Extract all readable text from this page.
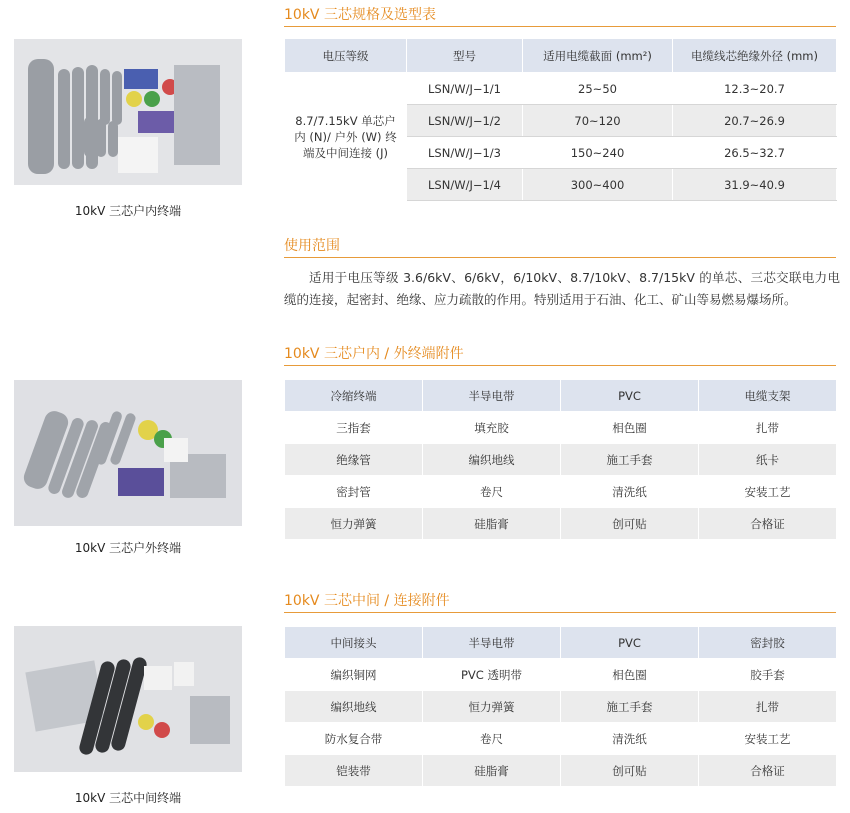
10kV 三芯户内终端
10kV 三芯户外终端
10kV 三芯中间终端
10kV 三芯规格及选型表
电压等级	型号	适用电缆截面 (mm²)	电缆线芯绝缘外径 (mm)
8.7/7.15kV 单芯户内 (N)/ 户外 (W) 终端及中间连接 (J)	LSN/W/J−1/1	25~50	12.3~20.7
	LSN/W/J−1/2	70~120	20.7~26.9
	LSN/W/J−1/3	150~240	26.5~32.7
	LSN/W/J−1/4	300~400	31.9~40.9
使用范围
适用于电压等级 3.6/6kV、6/6kV，6/10kV、8.7/10kV、8.7/15kV 的单芯、三芯交联电力电缆的连接，起密封、绝缘、应力疏散的作用。特别适用于石油、化工、矿山等易燃易爆场所。
10kV 三芯户内 / 外终端附件
冷缩终端	半导电带	PVC	电缆支架
三指套	填充胶	相色圈	扎带
绝缘管	编织地线	施工手套	纸卡
密封管	卷尺	清洗纸	安装工艺
恒力弹簧	硅脂膏	创可贴	合格证
10kV 三芯中间 / 连接附件
中间接头	半导电带	PVC	密封胶
编织铜网	PVC 透明带	相色圈	胶手套
编织地线	恒力弹簧	施工手套	扎带
防水复合带	卷尺	清洗纸	安装工艺
铠装带	硅脂膏	创可贴	合格证
